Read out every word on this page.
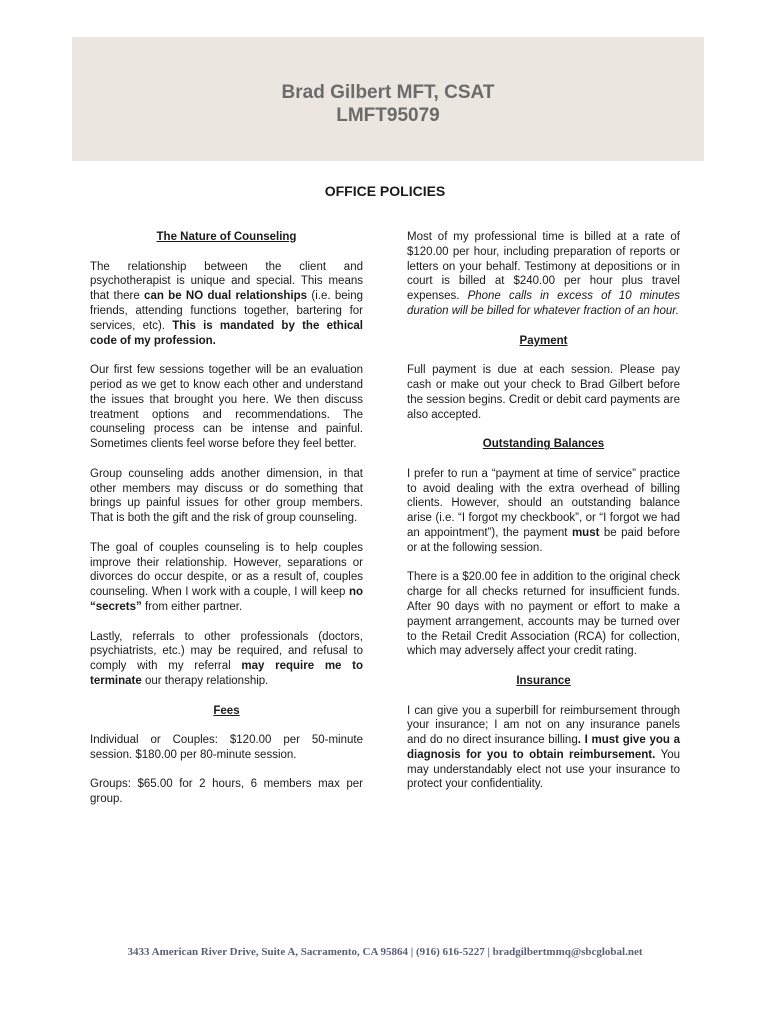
Brad Gilbert MFT, CSAT
LMFT95079
OFFICE POLICIES
The Nature of Counseling

The relationship between the client and psychotherapist is unique and special. This means that there can be NO dual relationships (i.e. being friends, attending functions together, bartering for services, etc). This is mandated by the ethical code of my profession.

Our first few sessions together will be an evaluation period as we get to know each other and understand the issues that brought you here. We then discuss treatment options and recommendations. The counseling process can be intense and painful. Sometimes clients feel worse before they feel better.

Group counseling adds another dimension, in that other members may discuss or do something that brings up painful issues for other group members. That is both the gift and the risk of group counseling.

The goal of couples counseling is to help couples improve their relationship. However, separations or divorces do occur despite, or as a result of, couples counseling. When I work with a couple, I will keep no “secrets” from either partner.

Lastly, referrals to other professionals (doctors, psychiatrists, etc.) may be required, and refusal to comply with my referral may require me to terminate our therapy relationship.

Fees

Individual or Couples: $120.00 per 50-minute session. $180.00 per 80-minute session.

Groups: $65.00 for 2 hours, 6 members max per group.

Most of my professional time is billed at a rate of $120.00 per hour, including preparation of reports or letters on your behalf. Testimony at depositions or in court is billed at $240.00 per hour plus travel expenses. Phone calls in excess of 10 minutes duration will be billed for whatever fraction of an hour.

Payment

Full payment is due at each session. Please pay cash or make out your check to Brad Gilbert before the session begins. Credit or debit card payments are also accepted.

Outstanding Balances

I prefer to run a “payment at time of service” practice to avoid dealing with the extra overhead of billing clients. However, should an outstanding balance arise (i.e. “I forgot my checkbook”, or “I forgot we had an appointment”), the payment must be paid before or at the following session.

There is a $20.00 fee in addition to the original check charge for all checks returned for insufficient funds. After 90 days with no payment or effort to make a payment arrangement, accounts may be turned over to the Retail Credit Association (RCA) for collection, which may adversely affect your credit rating.

Insurance

I can give you a superbill for reimbursement through your insurance; I am not on any insurance panels and do no direct insurance billing. I must give you a diagnosis for you to obtain reimbursement. You may understandably elect not use your insurance to protect your confidentiality.

3433 American River Drive, Suite A, Sacramento, CA 95864 | (916) 616-5227 | bradgilbertmmq@sbcglobal.net
